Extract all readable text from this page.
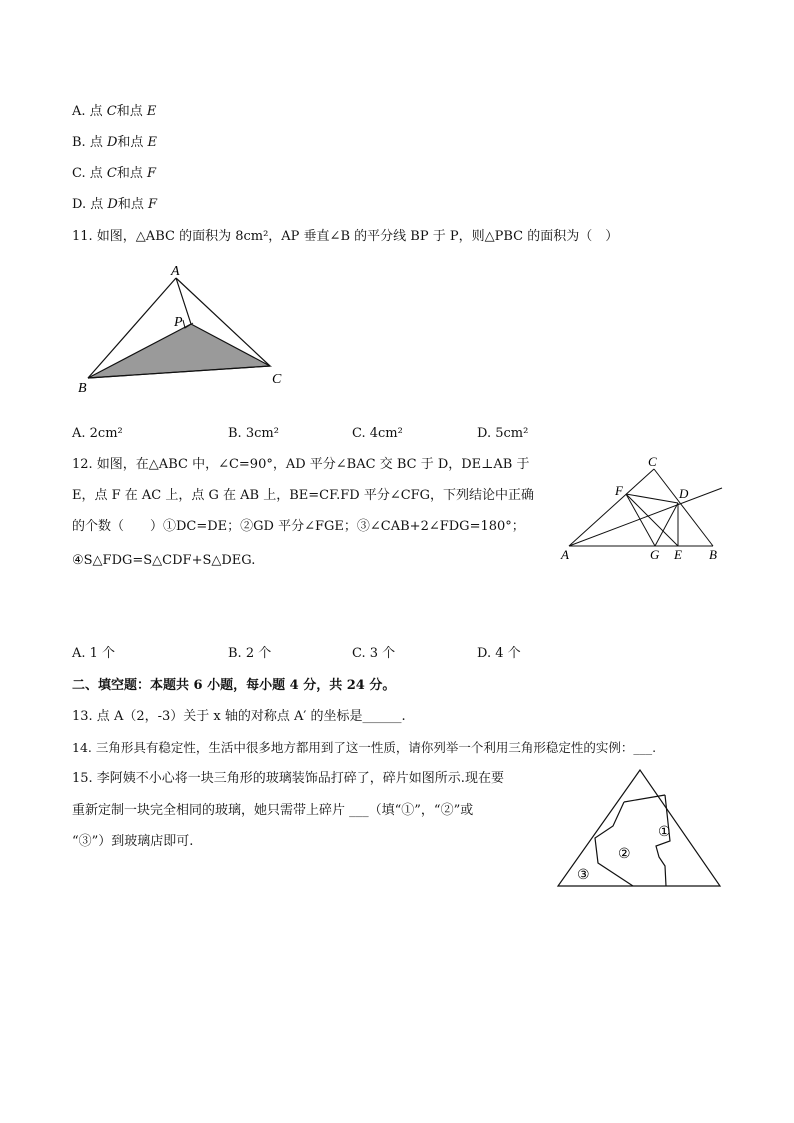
A. 点 C和点 E
B. 点 D和点 E
C. 点 C和点 F
D. 点 D和点 F
11. 如图，△ABC 的面积为 8cm²，AP 垂直∠B 的平分线 BP 于 P，则△PBC 的面积为（　）
A
P
B
C
A. 2cm²	B. 3cm²	C. 4cm²	D. 5cm²
12. 如图，在△ABC 中，∠C=90°，AD 平分∠BAC 交 BC 于 D，DE⊥AB 于
E，点 F 在 AC 上，点 G 在 AB 上，BE=CF.FD 平分∠CFG，下列结论中正确
的个数（　　）①DC=DE；②GD 平分∠FGE；③∠CAB+2∠FDG=180°；
④S△FDG=S△CDF+S△DEG.
C
F	D
A	G E B
A. 1 个	B. 2 个	C. 3 个	D. 4 个
二、填空题：本题共 6 小题，每小题 4 分，共 24 分。
13. 点 A（2，-3）关于 x 轴的对称点 A′ 的坐标是______.
14. 三角形具有稳定性，生活中很多地方都用到了这一性质，请你列举一个利用三角形稳定性的实例：___.
15. 李阿姨不小心将一块三角形的玻璃装饰品打碎了，碎片如图所示.现在要
重新定制一块完全相同的玻璃，她只需带上碎片 ___（填“①”，“②”或
“③”）到玻璃店即可.
①
②
③
